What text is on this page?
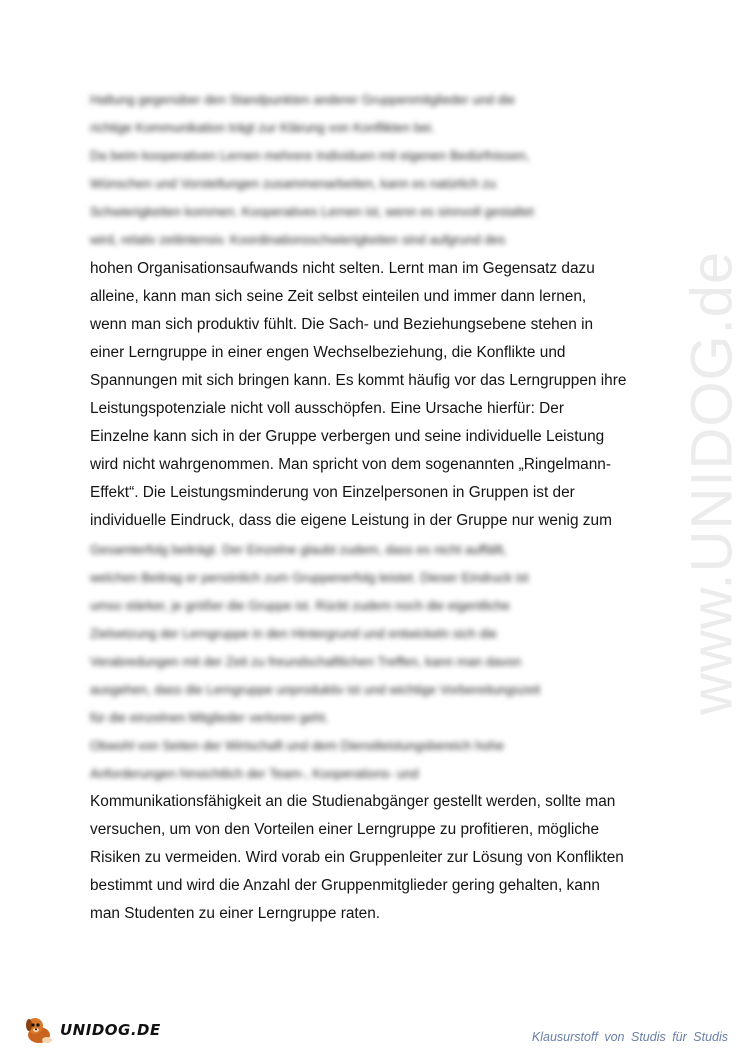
www.UNIDOG.de
Haltung gegenüber den Standpunkten anderer Gruppenmitglieder und die
richtige Kommunikation trägt zur Klärung von Konflikten bei.
Da beim kooperativen Lernen mehrere Individuen mit eigenen Bedürfnissen,
Wünschen und Vorstellungen zusammenarbeiten, kann es natürlich zu
Schwierigkeiten kommen. Kooperatives Lernen ist, wenn es sinnvoll gestaltet
wird, relativ zeitintensiv. Koordinationsschwierigkeiten sind aufgrund des
hohen Organisationsaufwands nicht selten. Lernt man im Gegensatz dazu
alleine, kann man sich seine Zeit selbst einteilen und immer dann lernen,
wenn man sich produktiv fühlt. Die Sach- und Beziehungsebene stehen in
einer Lerngruppe in einer engen Wechselbeziehung, die Konflikte und
Spannungen mit sich bringen kann. Es kommt häufig vor das Lerngruppen ihre
Leistungspotenziale nicht voll ausschöpfen. Eine Ursache hierfür: Der
Einzelne kann sich in der Gruppe verbergen und seine individuelle Leistung
wird nicht wahrgenommen. Man spricht von dem sogenannten „Ringelmann-
Effekt“. Die Leistungsminderung von Einzelpersonen in Gruppen ist der
individuelle Eindruck, dass die eigene Leistung in der Gruppe nur wenig zum
Gesamterfolg beiträgt. Der Einzelne glaubt zudem, dass es nicht auffällt,
welchen Beitrag er persönlich zum Gruppenerfolg leistet. Dieser Eindruck ist
umso stärker, je größer die Gruppe ist. Rückt zudem noch die eigentliche
Zielsetzung der Lerngruppe in den Hintergrund und entwickeln sich die
Verabredungen mit der Zeit zu freundschaftlichen Treffen, kann man davon
ausgehen, dass die Lerngruppe unproduktiv ist und wichtige Vorbereitungszeit
für die einzelnen Mitglieder verloren geht.
Obwohl von Seiten der Wirtschaft und dem Dienstleistungsbereich hohe
Anforderungen hinsichtlich der Team-, Kooperations- und
Kommunikationsfähigkeit an die Studienabgänger gestellt werden, sollte man
versuchen, um von den Vorteilen einer Lerngruppe zu profitieren, mögliche
Risiken zu vermeiden. Wird vorab ein Gruppenleiter zur Lösung von Konflikten
bestimmt und wird die Anzahl der Gruppenmitglieder gering gehalten, kann
man Studenten zu einer Lerngruppe raten.
UNIDOG.DE	Klausurstoff von Studis für Studis
